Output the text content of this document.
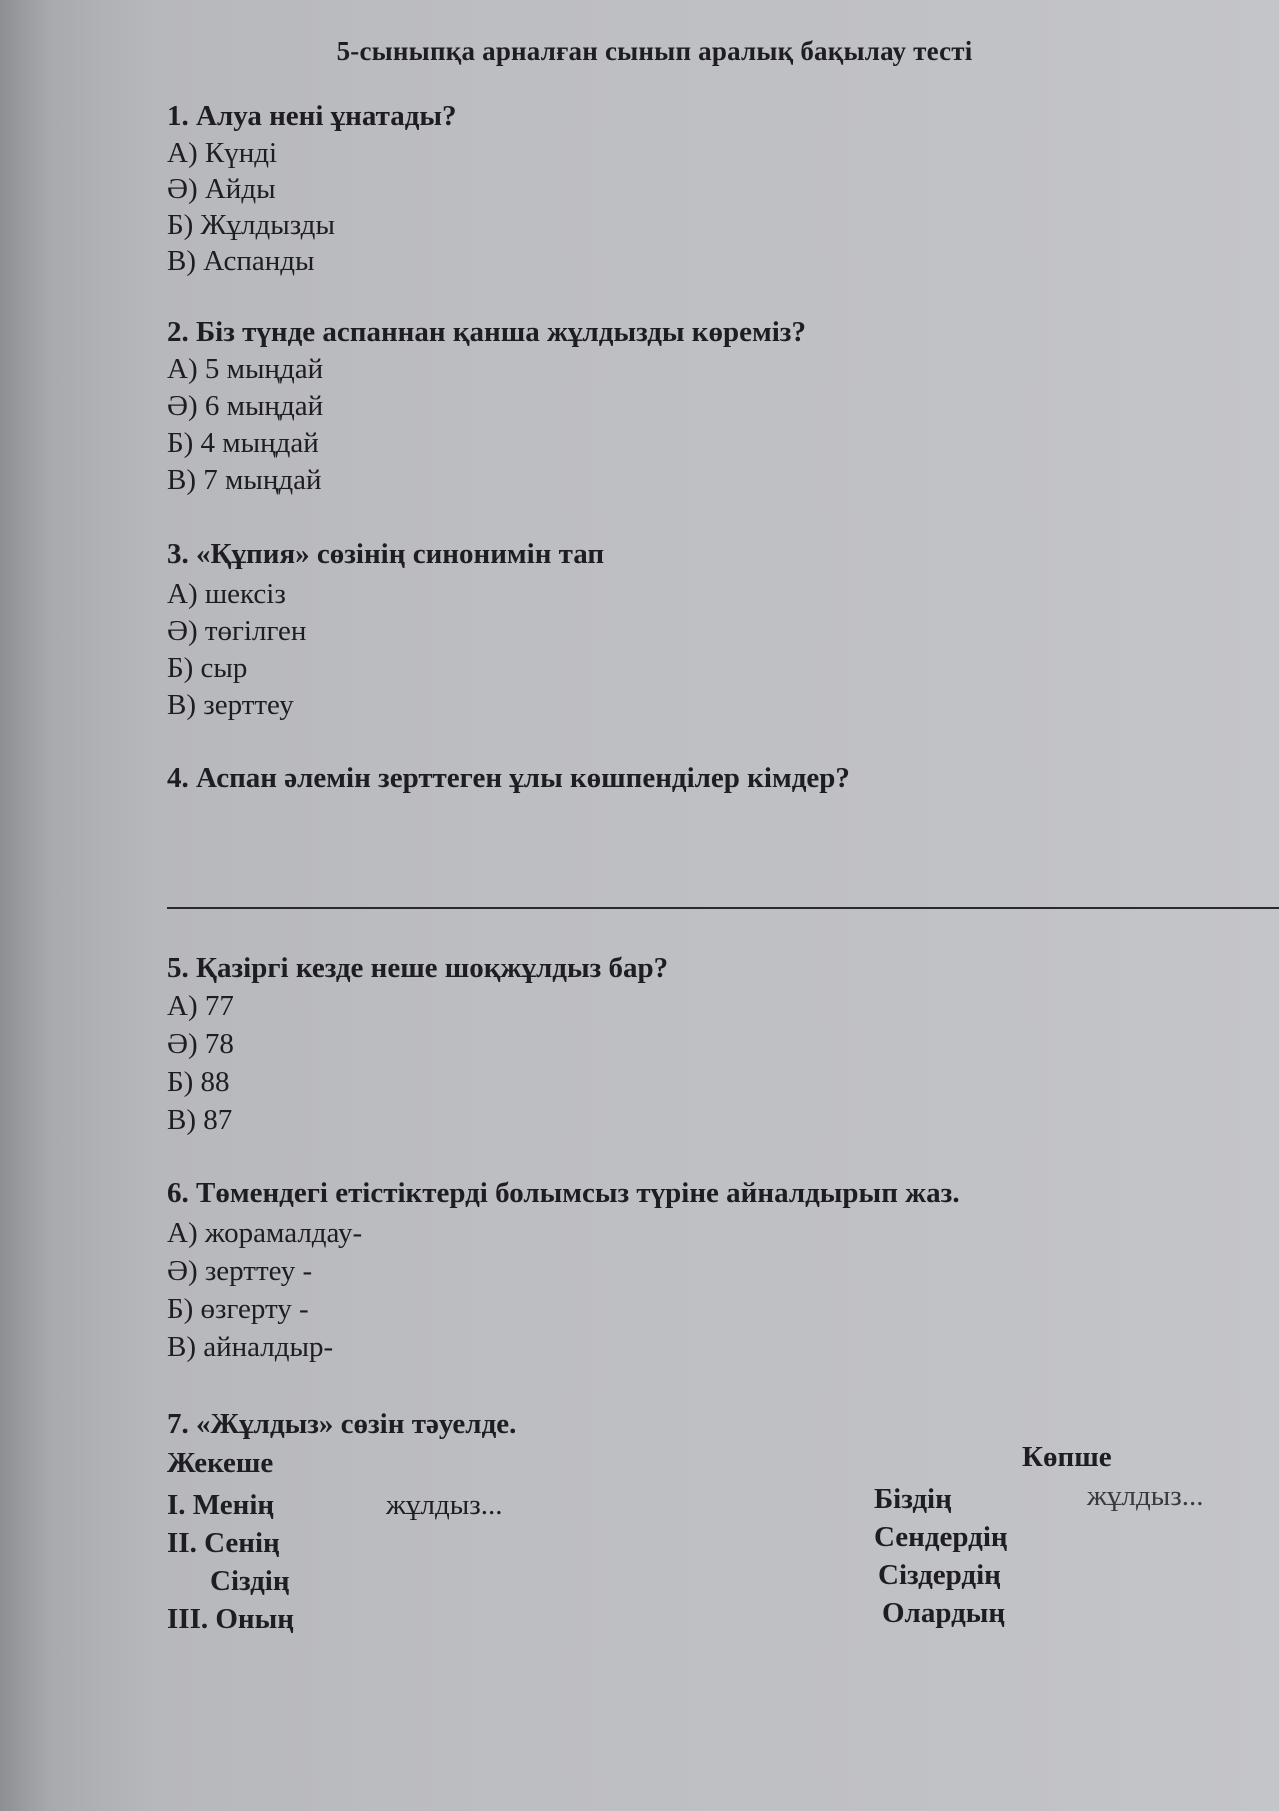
5-сыныпқа арналған сынып аралық бақылау тесті
1. Алуа нені ұнатады?
А) Күнді
Ә) Айды
Б) Жұлдызды
В) Аспанды
2. Біз түнде аспаннан қанша жұлдызды көреміз?
А) 5 мыңдай
Ә) 6 мыңдай
Б) 4 мыңдай
В) 7 мыңдай
3. «Құпия» сөзінің синонимін тап
А) шексіз
Ә) төгілген
Б) сыр
В) зерттеу
4. Аспан әлемін зерттеген ұлы көшпенділер кімдер?
5. Қазіргі кезде неше шоқжұлдыз бар?
А) 77
Ә) 78
Б) 88
В) 87
6. Төмендегі етістіктерді болымсыз түріне айналдырып жаз.
А) жорамалдау-
Ә) зерттеу -
Б) өзгерту -
В) айналдыр-
7. «Жұлдыз» сөзін тәуелде.
Жекеше	Көпше
I. Менің	жұлдыз...	Біздің	жұлдыз...
II. Сенің	Сендердің
Сіздің	Сіздердің
III. Оның	Олардың
